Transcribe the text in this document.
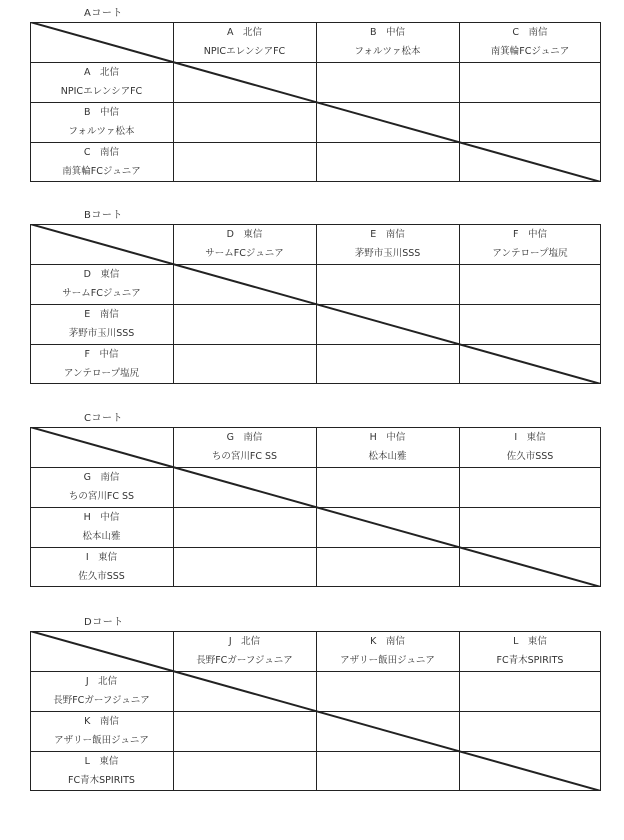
Aコート
A　北信
NPICエレンシアFC
A　北信
NPICエレンシアFC
B　中信
フォルツァ松本
B　中信
フォルツァ松本
C　南信
南箕輪FCジュニア
C　南信
南箕輪FCジュニア
Bコート
D　東信
サームFCジュニア
D　東信
サームFCジュニア
E　南信
茅野市玉川SSS
E　南信
茅野市玉川SSS
F　中信
アンテロープ塩尻
F　中信
アンテロープ塩尻
Cコート
G　南信
ちの宮川FC SS
G　南信
ちの宮川FC SS
H　中信
松本山雅
H　中信
松本山雅
I　東信
佐久市SSS
I　東信
佐久市SSS
Dコート
J　北信
長野FCガーフジュニア
J　北信
長野FCガーフジュニア
K　南信
アザリー飯田ジュニア
K　南信
アザリー飯田ジュニア
L　東信
FC青木SPIRITS
L　東信
FC青木SPIRITS
